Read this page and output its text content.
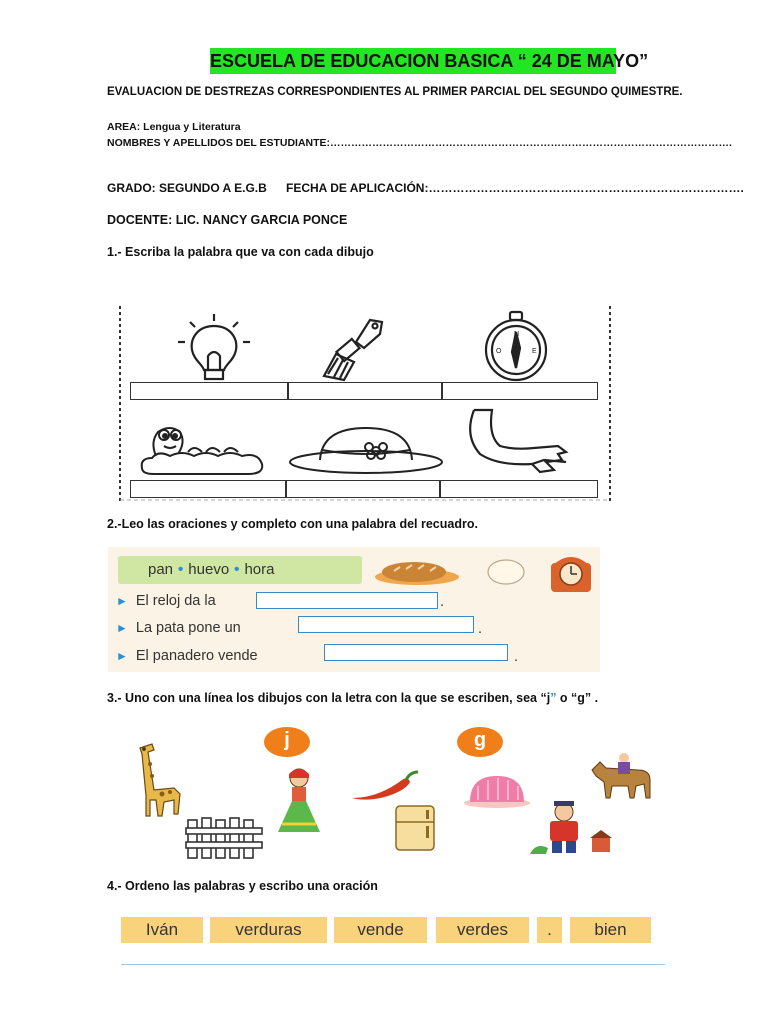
ESCUELA DE EDUCACION BASICA “ 24 DE MAYO”
EVALUACION DE DESTREZAS CORRESPONDIENTES AL PRIMER PARCIAL DEL SEGUNDO QUIMESTRE.
AREA: Lengua y Literatura
NOMBRES Y APELLIDOS DEL ESTUDIANTE:…………………………………………………………………………………………………….
GRADO: SEGUNDO A E.G.B FECHA DE APLICACIÓN:…………………………………………………………………….
DOCENTE: LIC. NANCY GARCIA PONCE
1.- Escriba la palabra que va con cada dibujo
N
E
O
2.-Leo las oraciones y completo con una palabra del recuadro.
pan • huevo • hora
► El reloj da la	.
► La pata pone un	.
► El panadero vende	.
3.- Uno con una línea los dibujos con la letra con la que se escriben, sea “j” o “g” .
j	g
4.- Ordeno las palabras y escribo una oración
Iván	verduras	vende	verdes	.	bien
